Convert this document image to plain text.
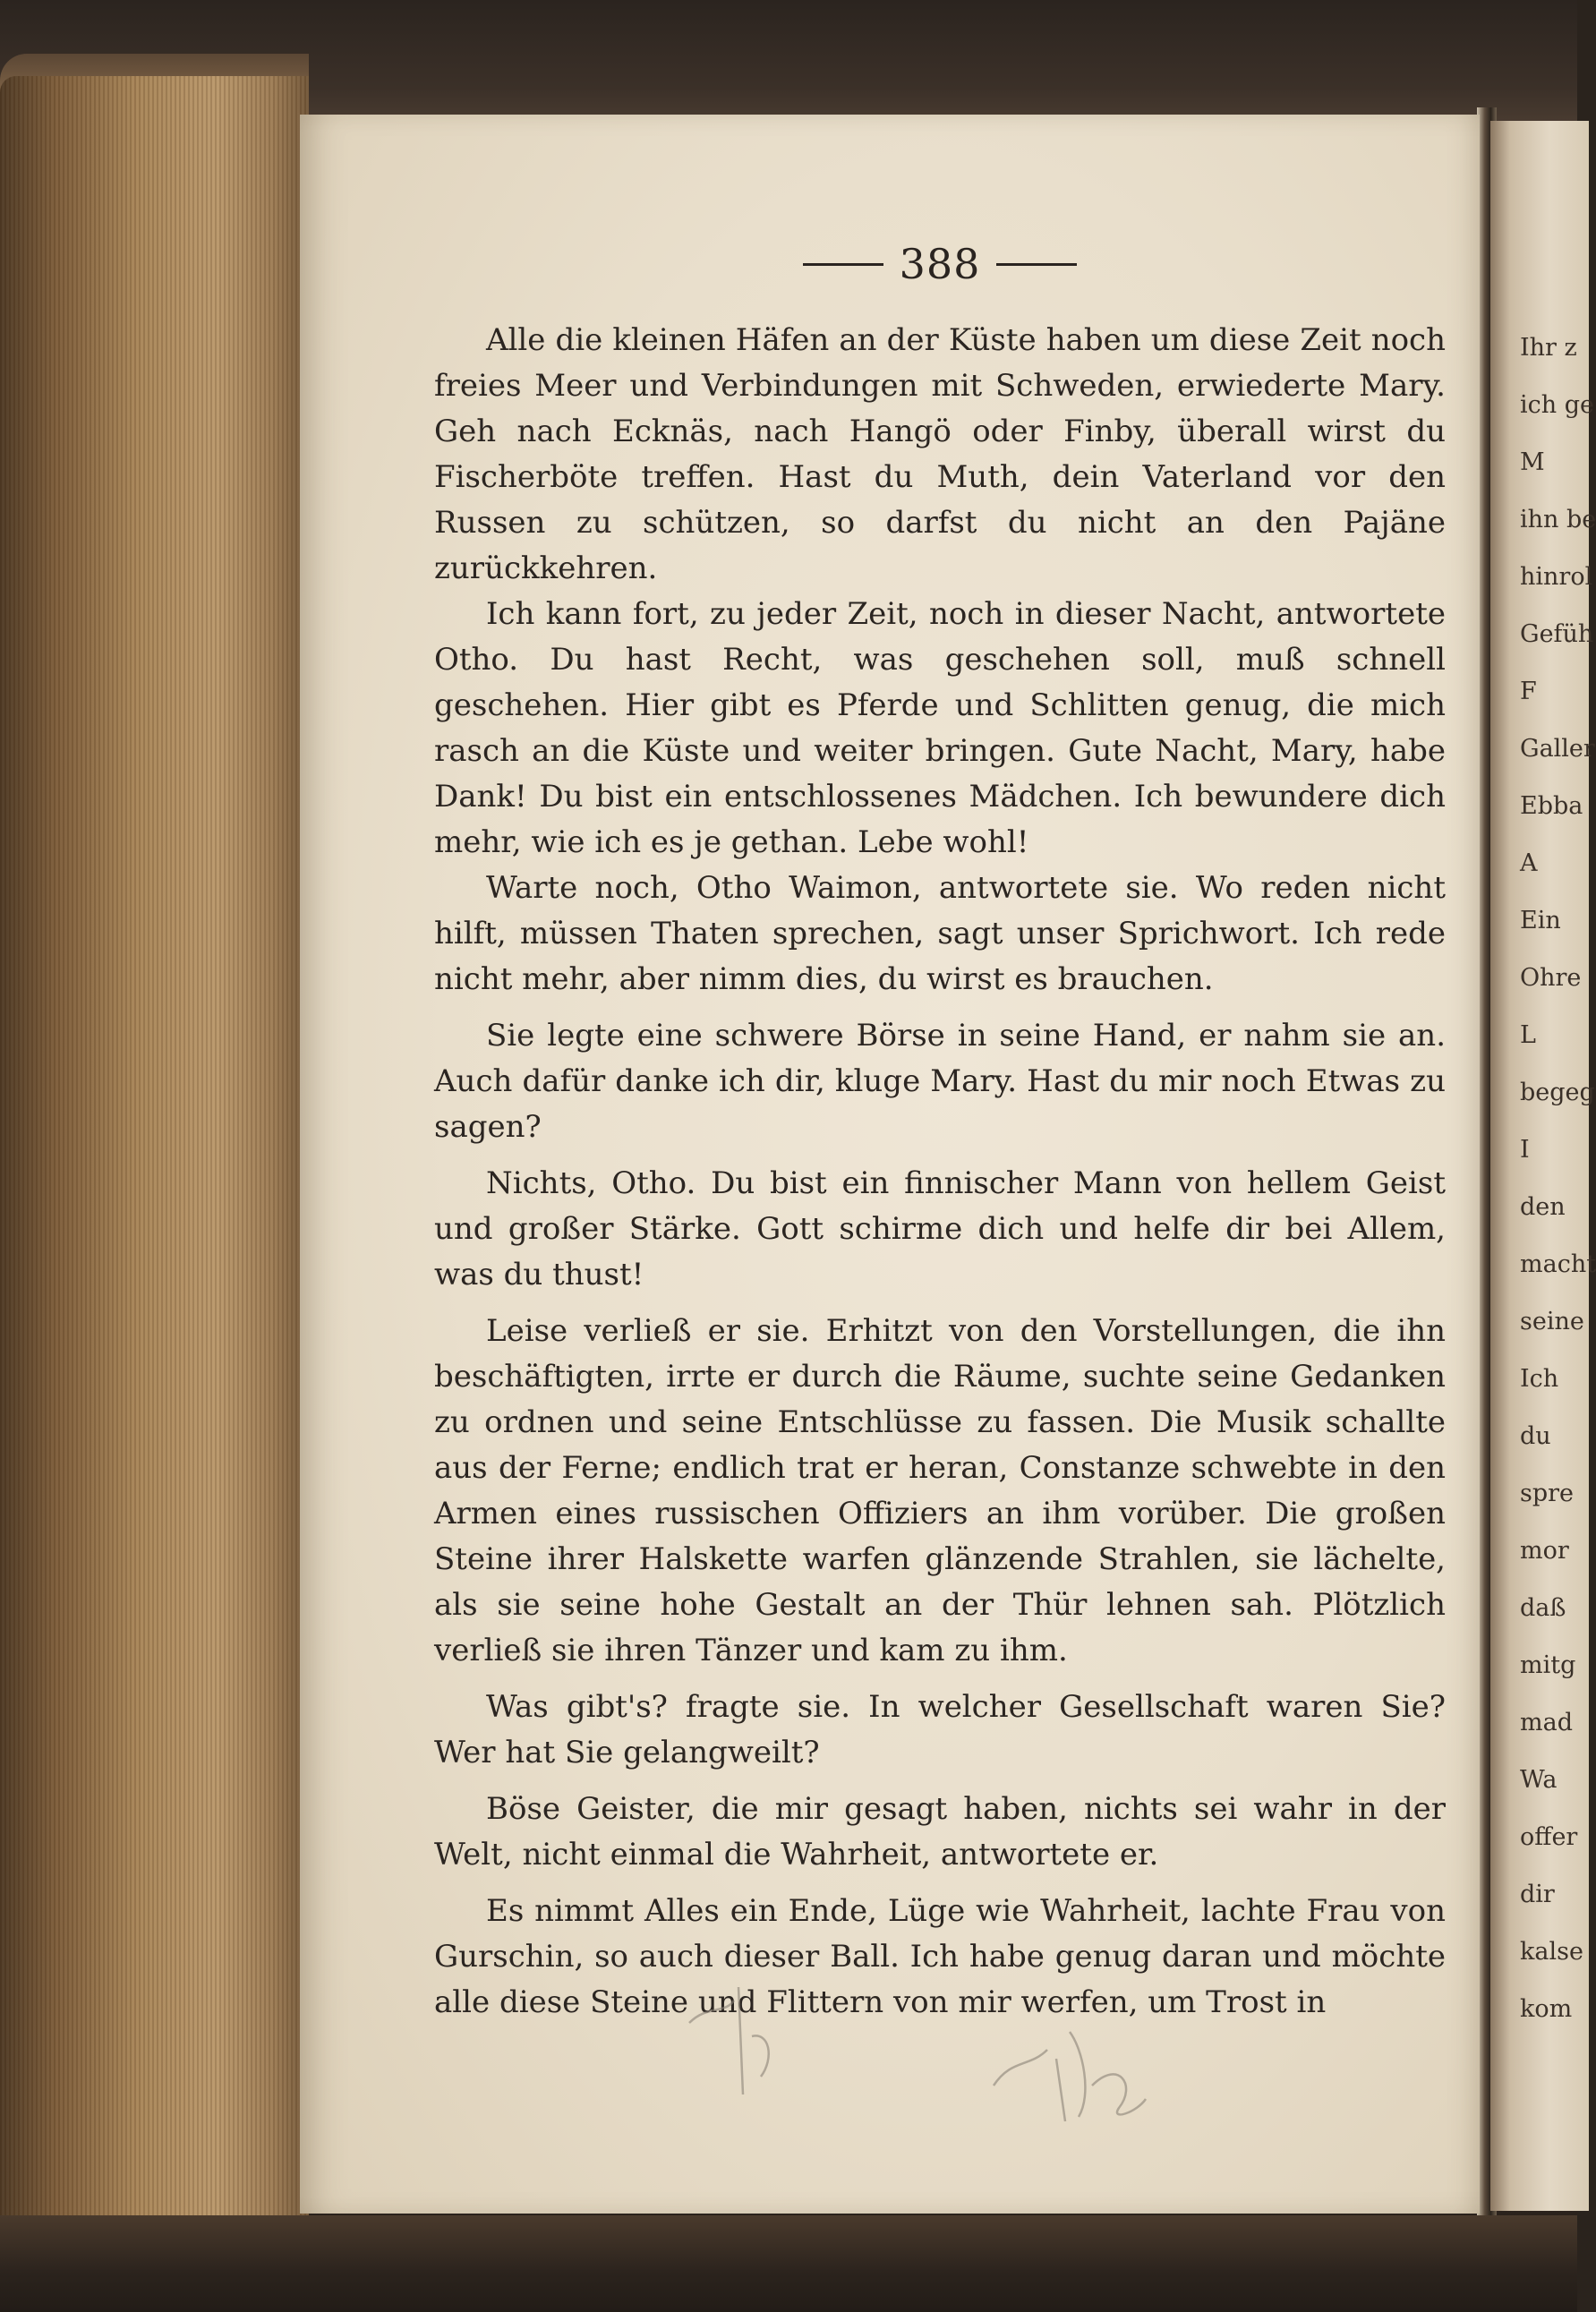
388

Alle die kleinen Häfen an der Küste haben um diese Zeit noch freies Meer und Verbindungen mit Schweden, erwiederte Mary. Geh nach Ecknäs, nach Hangö oder Finby, überall wirst du Fischerböte treffen. Hast du Muth, dein Vaterland vor den Russen zu schützen, so darfst du nicht an den Pajäne zurückkehren.

Ich kann fort, zu jeder Zeit, noch in dieser Nacht, antwortete Otho. Du hast Recht, was geschehen soll, muß schnell geschehen. Hier gibt es Pferde und Schlitten genug, die mich rasch an die Küste und weiter bringen. Gute Nacht, Mary, habe Dank! Du bist ein entschlossenes Mädchen. Ich bewundere dich mehr, wie ich es je gethan. Lebe wohl!

Warte noch, Otho Waimon, antwortete sie. Wo reden nicht hilft, müssen Thaten sprechen, sagt unser Sprichwort. Ich rede nicht mehr, aber nimm dies, du wirst es brauchen.

Sie legte eine schwere Börse in seine Hand, er nahm sie an. Auch dafür danke ich dir, kluge Mary. Hast du mir noch Etwas zu sagen?

Nichts, Otho. Du bist ein finnischer Mann von hellem Geist und großer Stärke. Gott schirme dich und helfe dir bei Allem, was du thust!

Leise verließ er sie. Erhitzt von den Vorstellungen, die ihn beschäftigten, irrte er durch die Räume, suchte seine Gedanken zu ordnen und seine Entschlüsse zu fassen. Die Musik schallte aus der Ferne; endlich trat er heran, Constanze schwebte in den Armen eines russischen Offiziers an ihm vorüber. Die großen Steine ihrer Halskette warfen glänzende Strahlen, sie lächelte, als sie seine hohe Gestalt an der Thür lehnen sah. Plötzlich verließ sie ihren Tänzer und kam zu ihm.

Was gibt's? fragte sie. In welcher Gesellschaft waren Sie? Wer hat Sie gelangweilt?

Böse Geister, die mir gesagt haben, nichts sei wahr in der Welt, nicht einmal die Wahrheit, antwortete er.

Es nimmt Alles ein Ende, Lüge wie Wahrheit, lachte Frau von Gurschin, so auch dieser Ball. Ich habe genug daran und möchte alle diese Steine und Flittern von mir werfen, um Trost in

Ihr z
ich ge
M
ihn be
hinrol
Gefüh
F
Galler
Ebba
A
Ein
Ohre
L
begeg
I
den
macht
seine
Ich
du
spre
mor
daß
mitg
mad
Wa
offer
dir
kalse
kom
